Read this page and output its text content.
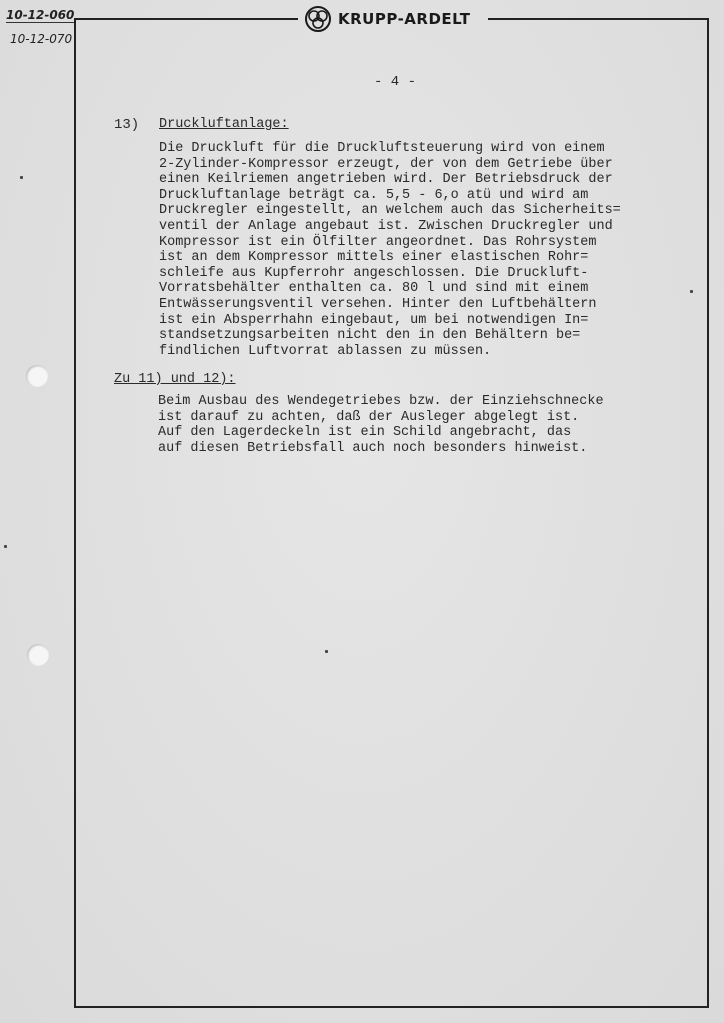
KRUPP-ARDELT
10-12-060
10-12-070
- 4 -
13) Druckluftanlage:
Die Druckluft für die Druckluftsteuerung wird von einem
2-Zylinder-Kompressor erzeugt, der von dem Getriebe über
einen Keilriemen angetrieben wird. Der Betriebsdruck der
Druckluftanlage beträgt ca. 5,5 - 6,o atü und wird am
Druckregler eingestellt, an welchem auch das Sicherheits=
ventil der Anlage angebaut ist. Zwischen Druckregler und
Kompressor ist ein Ölfilter angeordnet. Das Rohrsystem
ist an dem Kompressor mittels einer elastischen Rohr=
schleife aus Kupferrohr angeschlossen. Die Druckluft-
Vorratsbehälter enthalten ca. 80 l und sind mit einem
Entwässerungsventil versehen. Hinter den Luftbehältern
ist ein Absperrhahn eingebaut, um bei notwendigen In=
standsetzungsarbeiten nicht den in den Behältern be=
findlichen Luftvorrat ablassen zu müssen.
Zu 11) und 12):
Beim Ausbau des Wendegetriebes bzw. der Einziehschnecke
ist darauf zu achten, daß der Ausleger abgelegt ist.
Auf den Lagerdeckeln ist ein Schild angebracht, das
auf diesen Betriebsfall auch noch besonders hinweist.
